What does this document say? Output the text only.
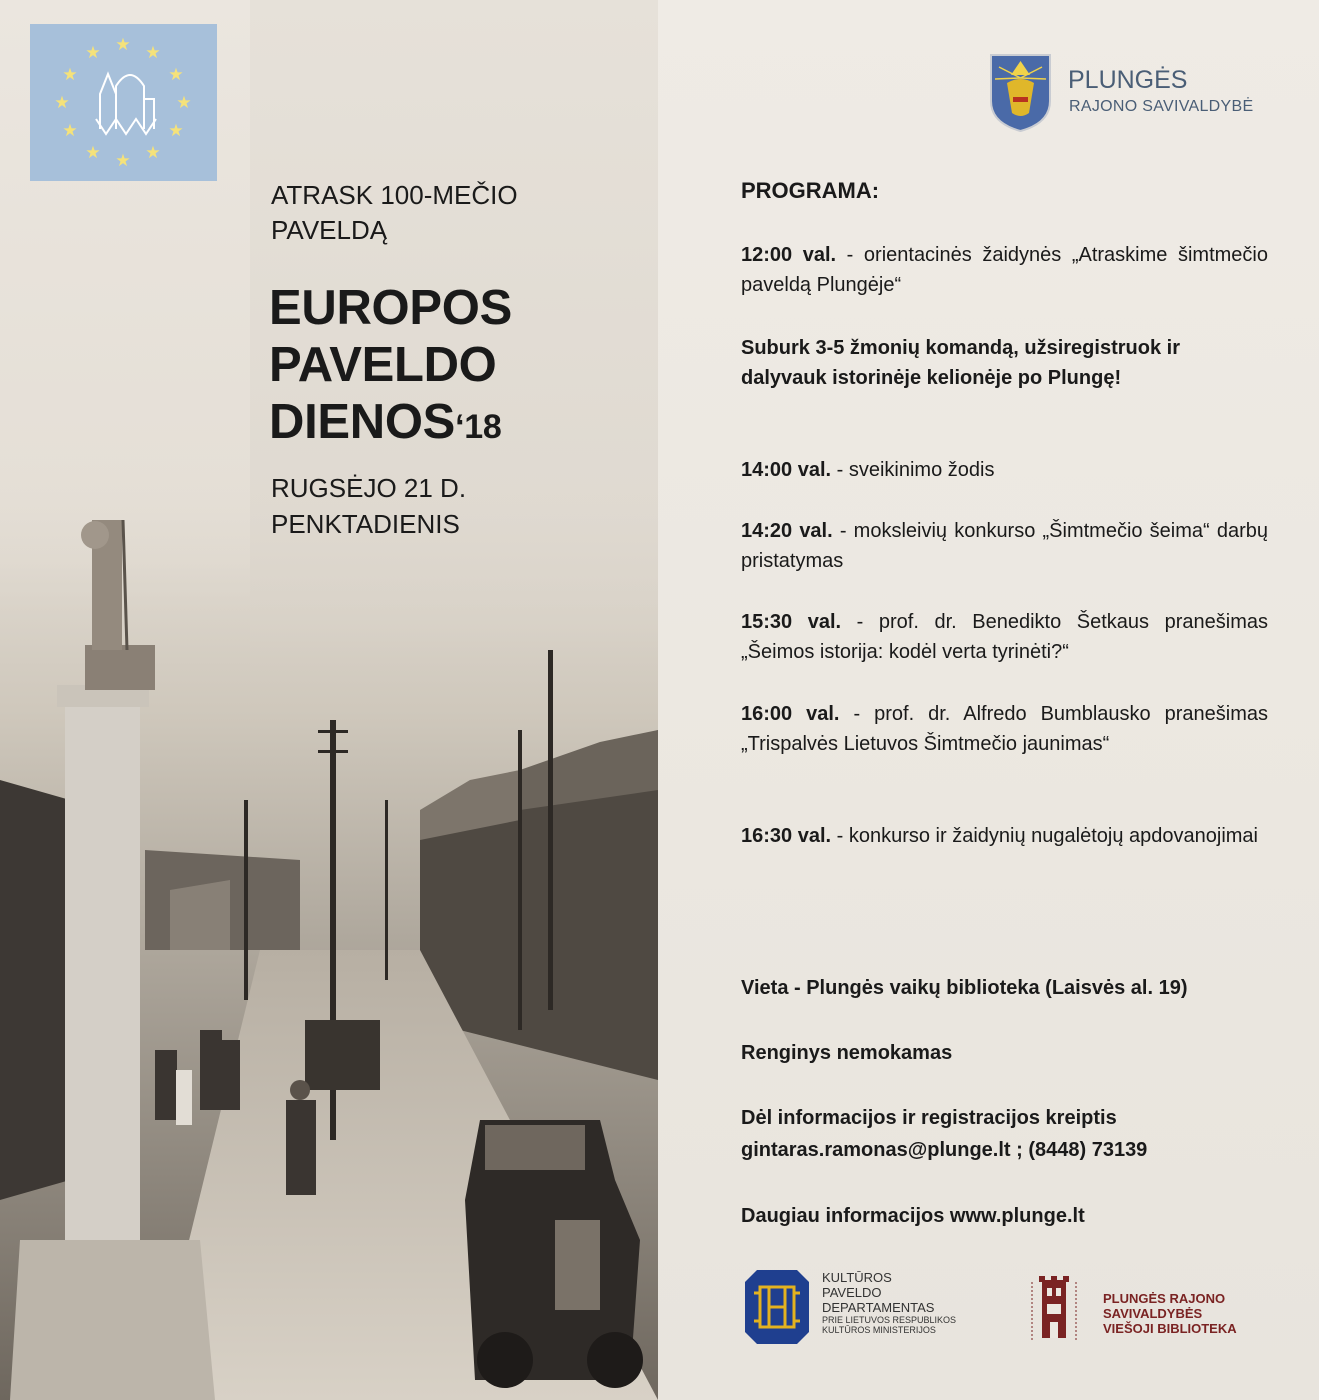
★ ★
★
★
★
★
★
★
★
★
★
★
ATRASK 100-MEČIO
PAVELDĄ
EUROPOS
PAVELDO
DIENOS‘18
RUGSĖJO 21 D.
PENKTADIENIS
PLUNGĖS
RAJONO SAVIVALDYBĖ
PROGRAMA:
12:00 val. - orientacinės žaidynės „Atraskime šimtmečio paveldą Plungėje“
Suburk 3-5 žmonių komandą, užsiregistruok ir dalyvauk istorinėje kelionėje po Plungę!
14:00 val. - sveikinimo žodis
14:20 val. - moksleivių konkurso „Šimtmečio šeima“ darbų pristatymas
15:30 val. - prof. dr. Benedikto Šetkaus pranešimas „Šeimos istorija: kodėl verta tyrinėti?“
16:00 val. - prof. dr. Alfredo Bumblausko pranešimas „Trispalvės Lietuvos Šimtmečio jaunimas“
16:30 val. - konkurso ir žaidynių nugalėtojų apdovanojimai
Vieta - Plungės vaikų biblioteka (Laisvės al. 19)
Renginys nemokamas
Dėl informacijos ir registracijos kreiptis
gintaras.ramonas@plunge.lt ; (8448) 73139
Daugiau informacijos www.plunge.lt
KULTŪROS
PAVELDO
DEPARTAMENTAS
PRIE LIETUVOS RESPUBLIKOS
KULTŪROS MINISTERIJOS
PLUNGĖS RAJONO
SAVIVALDYBĖS
VIEŠOJI BIBLIOTEKA
